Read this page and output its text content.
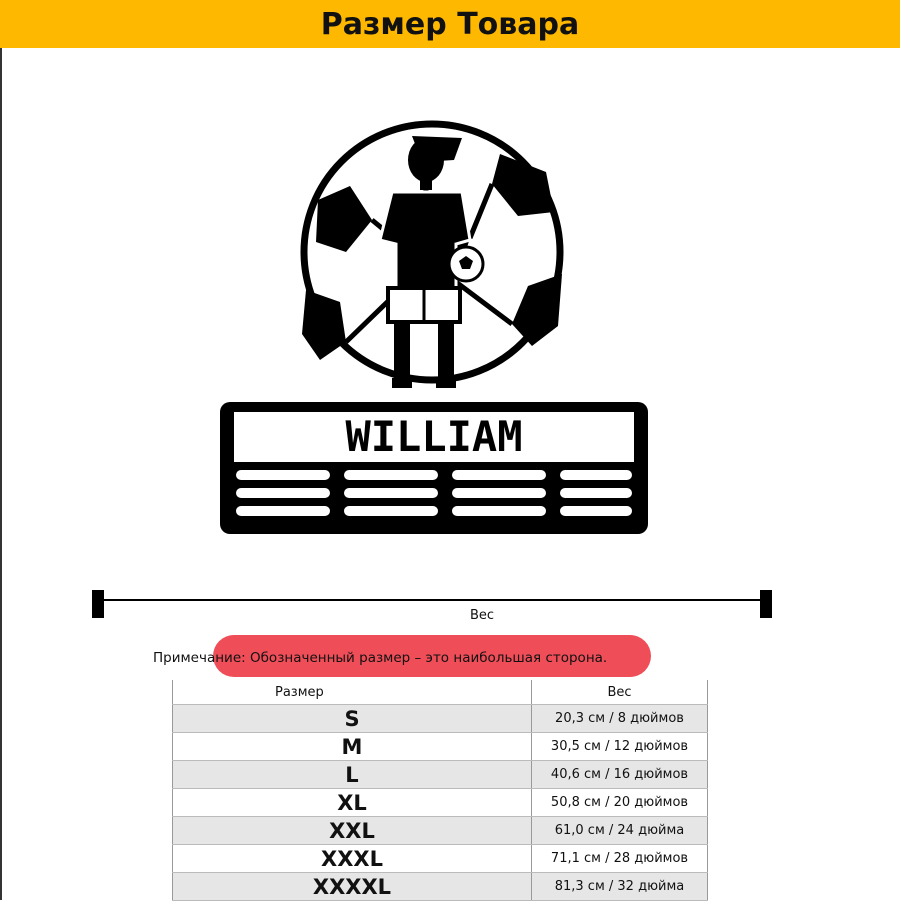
Размер Товара
WILLIAM
Вес
Примечание: Обозначенный размер – это наибольшая сторона.
Размер	Вес
S	20,3 см / 8 дюймов
M	30,5 см / 12 дюймов
L	40,6 см / 16 дюймов
XL	50,8 см / 20 дюймов
XXL	61,0 см / 24 дюйма
XXXL	71,1 см / 28 дюймов
XXXXL	81,3 см / 32 дюйма
